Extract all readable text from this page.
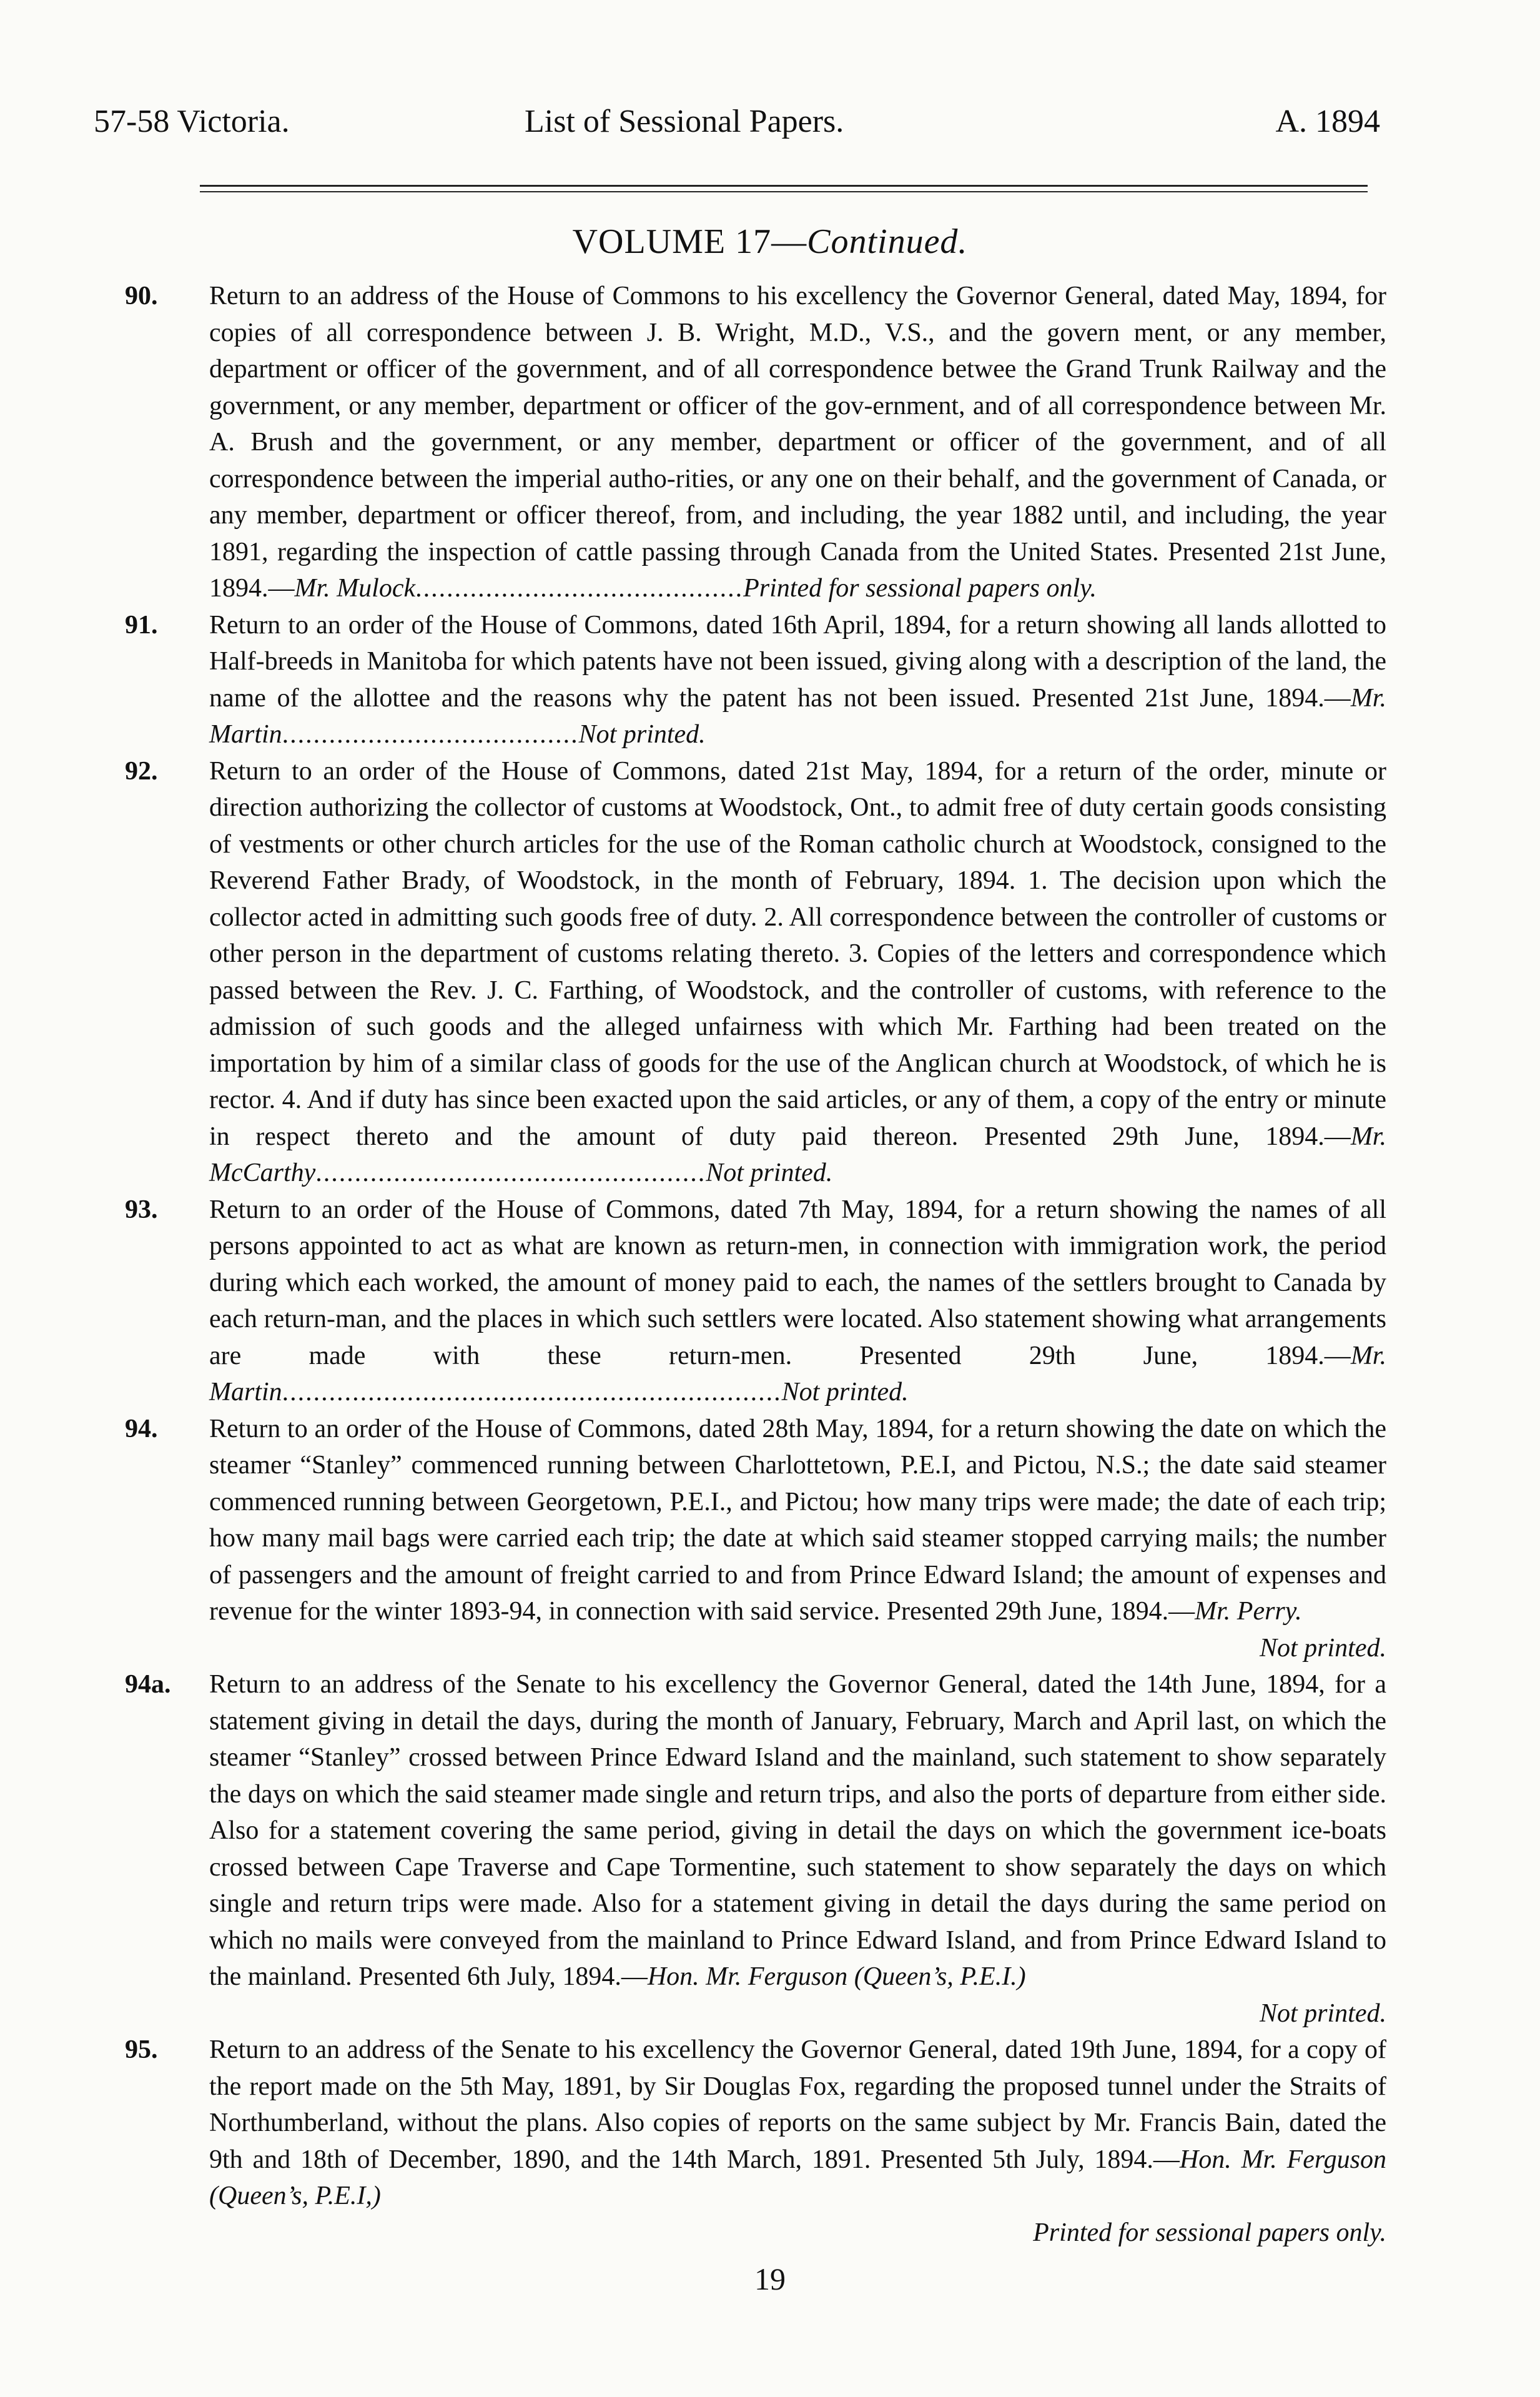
57-58 Victoria.	List of Sessional Papers.	A. 1894
VOLUME 17—Continued.
90. Return to an address of the House of Commons to his excellency the Governor General, dated May, 1894, for copies of all correspondence between J. B. Wright, M.D., V.S., and the govern ment, or any member, department or officer of the government, and of all correspondence betwee the Grand Trunk Railway and the government, or any member, department or officer of the gov-ernment, and of all correspondence between Mr. A. Brush and the government, or any member, department or officer of the government, and of all correspondence between the imperial autho-rities, or any one on their behalf, and the government of Canada, or any member, department or officer thereof, from, and including, the year 1882 until, and including, the year 1891, regarding the inspection of cattle passing through Canada from the United States. Presented 21st June, 1894.—Mr. Mulock..........................................Printed for sessional papers only.
91. Return to an order of the House of Commons, dated 16th April, 1894, for a return showing all lands allotted to Half-breeds in Manitoba for which patents have not been issued, giving along with a description of the land, the name of the allottee and the reasons why the patent has not been issued. Presented 21st June, 1894.—Mr. Martin......................................Not printed.
92. Return to an order of the House of Commons, dated 21st May, 1894, for a return of the order, minute or direction authorizing the collector of customs at Woodstock, Ont., to admit free of duty certain goods consisting of vestments or other church articles for the use of the Roman catholic church at Woodstock, consigned to the Reverend Father Brady, of Woodstock, in the month of February, 1894. 1. The decision upon which the collector acted in admitting such goods free of duty. 2. All correspondence between the controller of customs or other person in the department of customs relating thereto. 3. Copies of the letters and correspondence which passed between the Rev. J. C. Farthing, of Woodstock, and the controller of customs, with reference to the admission of such goods and the alleged unfairness with which Mr. Farthing had been treated on the importation by him of a similar class of goods for the use of the Anglican church at Woodstock, of which he is rector. 4. And if duty has since been exacted upon the said articles, or any of them, a copy of the entry or minute in respect thereto and the amount of duty paid thereon. Presented 29th June, 1894.—Mr. McCarthy..................................................Not printed.
93. Return to an order of the House of Commons, dated 7th May, 1894, for a return showing the names of all persons appointed to act as what are known as return-men, in connection with immigration work, the period during which each worked, the amount of money paid to each, the names of the settlers brought to Canada by each return-man, and the places in which such settlers were located. Also statement showing what arrangements are made with these return-men. Presented 29th June, 1894.—Mr. Martin................................................................Not printed.
94. Return to an order of the House of Commons, dated 28th May, 1894, for a return showing the date on which the steamer “Stanley” commenced running between Charlottetown, P.E.I, and Pictou, N.S.; the date said steamer commenced running between Georgetown, P.E.I., and Pictou; how many trips were made; the date of each trip; how many mail bags were carried each trip; the date at which said steamer stopped carrying mails; the number of passengers and the amount of freight carried to and from Prince Edward Island; the amount of expenses and revenue for the winter 1893-94, in connection with said service. Presented 29th June, 1894.—Mr. Perry.
Not printed.
94a. Return to an address of the Senate to his excellency the Governor General, dated the 14th June, 1894, for a statement giving in detail the days, during the month of January, February, March and April last, on which the steamer “Stanley” crossed between Prince Edward Island and the mainland, such statement to show separately the days on which the said steamer made single and return trips, and also the ports of departure from either side. Also for a statement covering the same period, giving in detail the days on which the government ice-boats crossed between Cape Traverse and Cape Tormentine, such statement to show separately the days on which single and return trips were made. Also for a statement giving in detail the days during the same period on which no mails were conveyed from the mainland to Prince Edward Island, and from Prince Edward Island to the mainland. Presented 6th July, 1894.—Hon. Mr. Ferguson (Queen’s, P.E.I.)
Not printed.
95. Return to an address of the Senate to his excellency the Governor General, dated 19th June, 1894, for a copy of the report made on the 5th May, 1891, by Sir Douglas Fox, regarding the proposed tunnel under the Straits of Northumberland, without the plans. Also copies of reports on the same subject by Mr. Francis Bain, dated the 9th and 18th of December, 1890, and the 14th March, 1891. Presented 5th July, 1894.—Hon. Mr. Ferguson (Queen’s, P.E.I,)
Printed for sessional papers only.
19
